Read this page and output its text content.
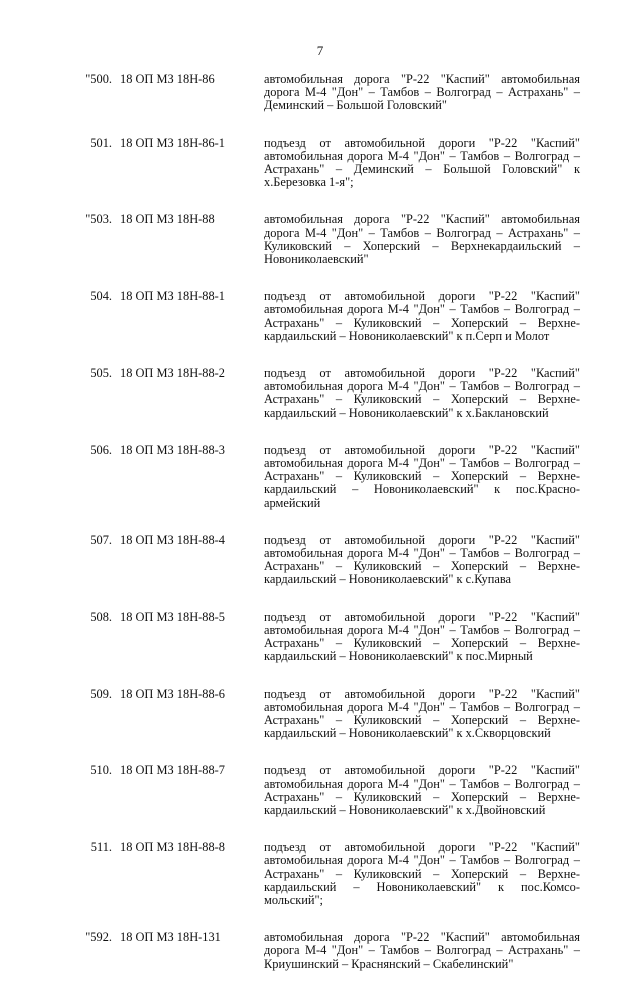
7
"500. 18 ОП МЗ 18Н-86	автомобильная дорога "Р-22 "Каспий" автомобильная дорога М-4 "Дон" – Тамбов – Волгоград – Астрахань" – Деминский – Большой Головский"
501. 18 ОП МЗ 18Н-86-1	подъезд от автомобильной дороги "Р-22 "Каспий" автомобильная дорога М-4 "Дон" – Тамбов – Волгоград – Астрахань" – Деминский – Большой Головский" к х.Березовка 1-я";
"503. 18 ОП МЗ 18Н-88	автомобильная дорога "Р-22 "Каспий" автомобильная дорога М-4 "Дон" – Тамбов – Волгоград – Астрахань" – Куликовский – Хоперский – Верхнекардаильский – Новониколаевский"
504. 18 ОП МЗ 18Н-88-1	подъезд от автомобильной дороги "Р-22 "Каспий" автомобильная дорога М-4 "Дон" – Тамбов – Волгоград – Астрахань" – Куликовский – Хоперский – Верхне-кардаильский – Новониколаевский" к п.Серп и Молот
505. 18 ОП МЗ 18Н-88-2	подъезд от автомобильной дороги "Р-22 "Каспий" автомобильная дорога М-4 "Дон" – Тамбов – Волгоград – Астрахань" – Куликовский – Хоперский – Верхне-кардаильский – Новониколаевский" к х.Баклановский
506. 18 ОП МЗ 18Н-88-3	подъезд от автомобильной дороги "Р-22 "Каспий" автомобильная дорога М-4 "Дон" – Тамбов – Волгоград – Астрахань" – Куликовский – Хоперский – Верхне-кардаильский – Новониколаевский" к пос.Красно-армейский
507. 18 ОП МЗ 18Н-88-4	подъезд от автомобильной дороги "Р-22 "Каспий" автомобильная дорога М-4 "Дон" – Тамбов – Волгоград – Астрахань" – Куликовский – Хоперский – Верхне-кардаильский – Новониколаевский" к с.Купава
508. 18 ОП МЗ 18Н-88-5	подъезд от автомобильной дороги "Р-22 "Каспий" автомобильная дорога М-4 "Дон" – Тамбов – Волгоград – Астрахань" – Куликовский – Хоперский – Верхне-кардаильский – Новониколаевский" к пос.Мирный
509. 18 ОП МЗ 18Н-88-6	подъезд от автомобильной дороги "Р-22 "Каспий" автомобильная дорога М-4 "Дон" – Тамбов – Волгоград – Астрахань" – Куликовский – Хоперский – Верхне-кардаильский – Новониколаевский" к х.Скворцовский
510. 18 ОП МЗ 18Н-88-7	подъезд от автомобильной дороги "Р-22 "Каспий" автомобильная дорога М-4 "Дон" – Тамбов – Волгоград – Астрахань" – Куликовский – Хоперский – Верхне-кардаильский – Новониколаевский" к х.Двойновский
511. 18 ОП МЗ 18Н-88-8	подъезд от автомобильной дороги "Р-22 "Каспий" автомобильная дорога М-4 "Дон" – Тамбов – Волгоград – Астрахань" – Куликовский – Хоперский – Верхне-кардаильский – Новониколаевский" к пос.Комсо-мольский";
"592. 18 ОП МЗ 18Н-131	автомобильная дорога "Р-22 "Каспий" автомобильная дорога М-4 "Дон" – Тамбов – Волгоград – Астрахань" – Криушинский – Краснянский – Скабелинский"
